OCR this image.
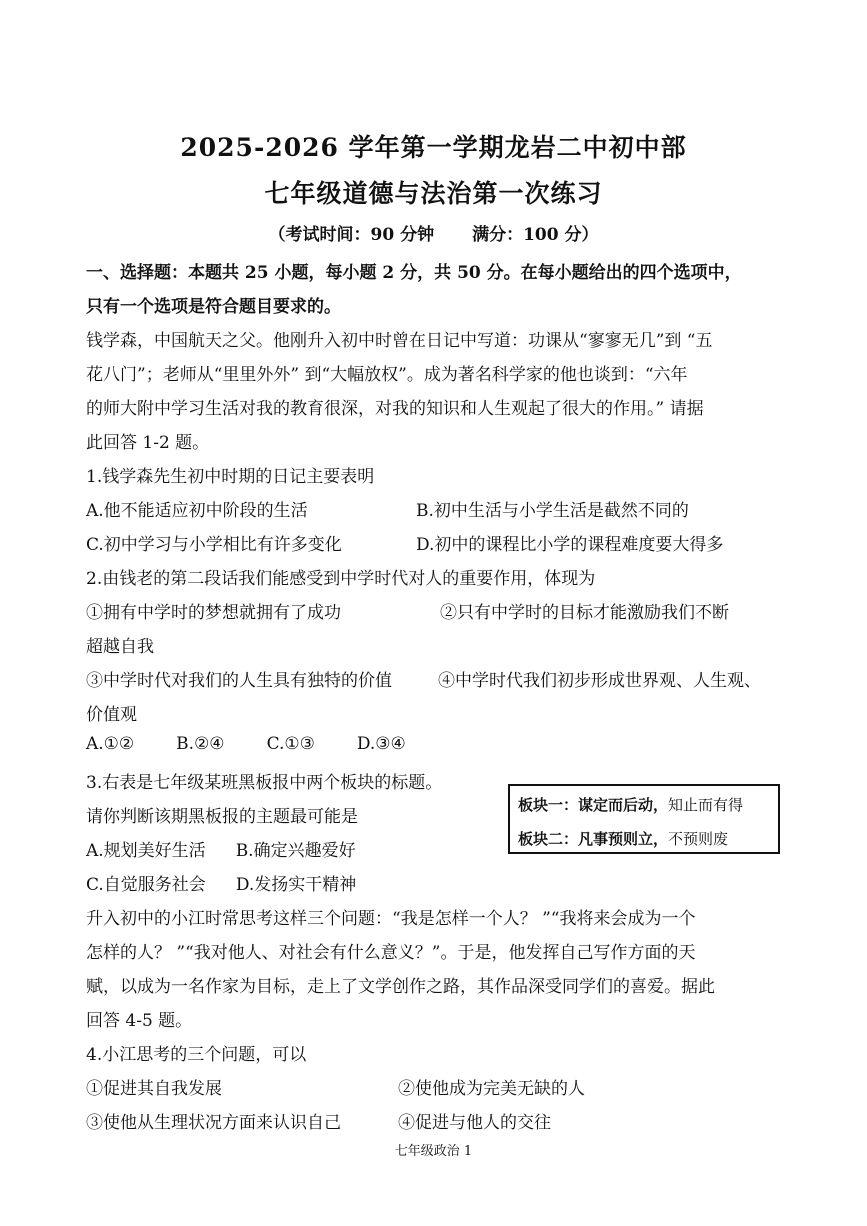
2025-2026 学年第一学期龙岩二中初中部
七年级道德与法治第一次练习
（考试时间：90 分钟 满分：100 分）
一、选择题：本题共 25 小题，每小题 2 分，共 50 分。在每小题给出的四个选项中，
只有一个选项是符合题目要求的。
钱学森，中国航天之父。他刚升入初中时曾在日记中写道：功课从“寥寥无几”到 “五
花八门”；老师从“里里外外” 到“大幅放权”。成为著名科学家的他也谈到：“六年
的师大附中学习生活对我的教育很深，对我的知识和人生观起了很大的作用。” 请据
此回答 1-2 题。
1.钱学森先生初中时期的日记主要表明
A.他不能适应初中阶段的生活	B.初中生活与小学生活是截然不同的
C.初中学习与小学相比有许多变化	D.初中的课程比小学的课程难度要大得多
2.由钱老的第二段话我们能感受到中学时代对人的重要作用，体现为
①拥有中学时的梦想就拥有了成功	②只有中学时的目标才能激励我们不断
超越自我
③中学时代对我们的人生具有独特的价值	④中学时代我们初步形成世界观、人生观、
价值观
A.①② B.②④ C.①③ D.③④
3.右表是七年级某班黑板报中两个板块的标题。
请你判断该期黑板报的主题最可能是
A.规划美好生活 B.确定兴趣爱好
C.自觉服务社会 D.发扬实干精神
板块一：谋定而后动，知止而有得
板块二：凡事预则立，不预则废
升入初中的小江时常思考这样三个问题：“我是怎样一个人？ ”“我将来会成为一个
怎样的人？ ”“我对他人、对社会有什么意义？”。于是，他发挥自己写作方面的天
赋，以成为一名作家为目标，走上了文学创作之路，其作品深受同学们的喜爱。据此
回答 4-5 题。
4.小江思考的三个问题，可以
①促进其自我发展	②使他成为完美无缺的人
③使他从生理状况方面来认识自己	④促进与他人的交往
七年级政治 1
